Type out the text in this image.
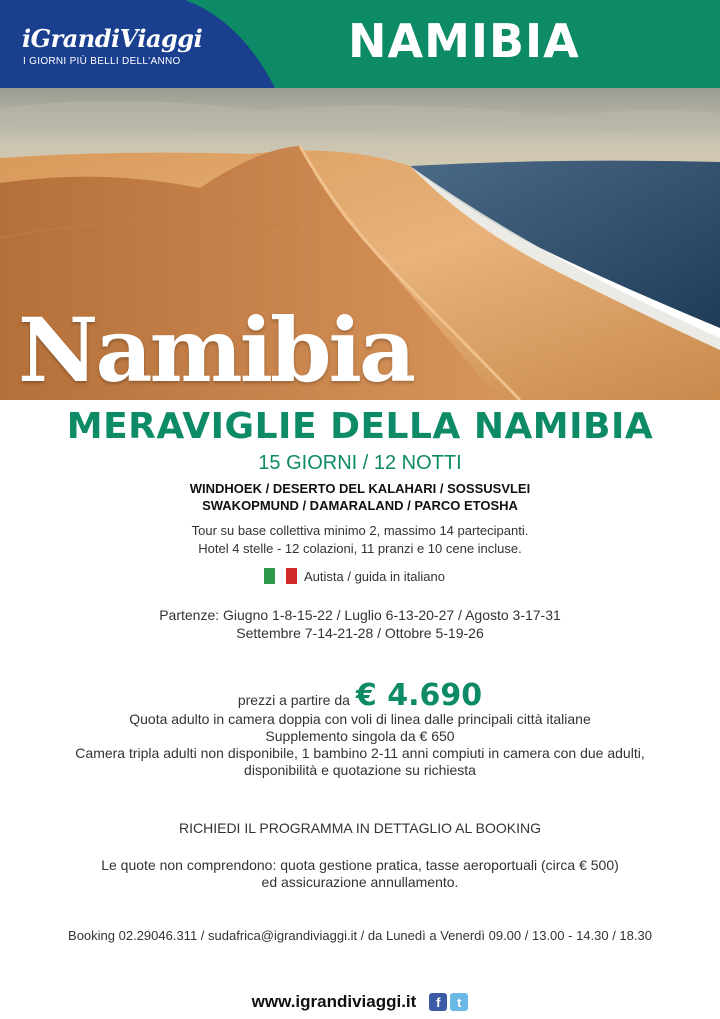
iGrandiViaggi
I GIORNI PIÙ BELLI DELL'ANNO	NAMIBIA
Namibia
MERAVIGLIE DELLA NAMIBIA
15 GIORNI / 12 NOTTI
WINDHOEK / DESERTO DEL KALAHARI / SOSSUSVLEI
SWAKOPMUND / DAMARALAND / PARCO ETOSHA
Tour su base collettiva minimo 2, massimo 14 partecipanti.
Hotel 4 stelle - 12 colazioni, 11 pranzi e 10 cene incluse.
Autista / guida in italiano
Partenze: Giugno 1-8-15-22 / Luglio 6-13-20-27 / Agosto 3-17-31
Settembre 7-14-21-28 / Ottobre 5-19-26
prezzi a partire da € 4.690
Quota adulto in camera doppia con voli di linea dalle principali città italiane
Supplemento singola da € 650
Camera tripla adulti non disponibile, 1 bambino 2-11 anni compiuti in camera con due adulti,
disponibilità e quotazione su richiesta
RICHIEDI IL PROGRAMMA IN DETTAGLIO AL BOOKING
Le quote non comprendono: quota gestione pratica, tasse aeroportuali (circa € 500)
ed assicurazione annullamento.
Booking 02.29046.311 / sudafrica@igrandiviaggi.it / da Lunedì a Venerdì 09.00 / 13.00 - 14.30 / 18.30
www.igrandiviaggi.it	f	t
